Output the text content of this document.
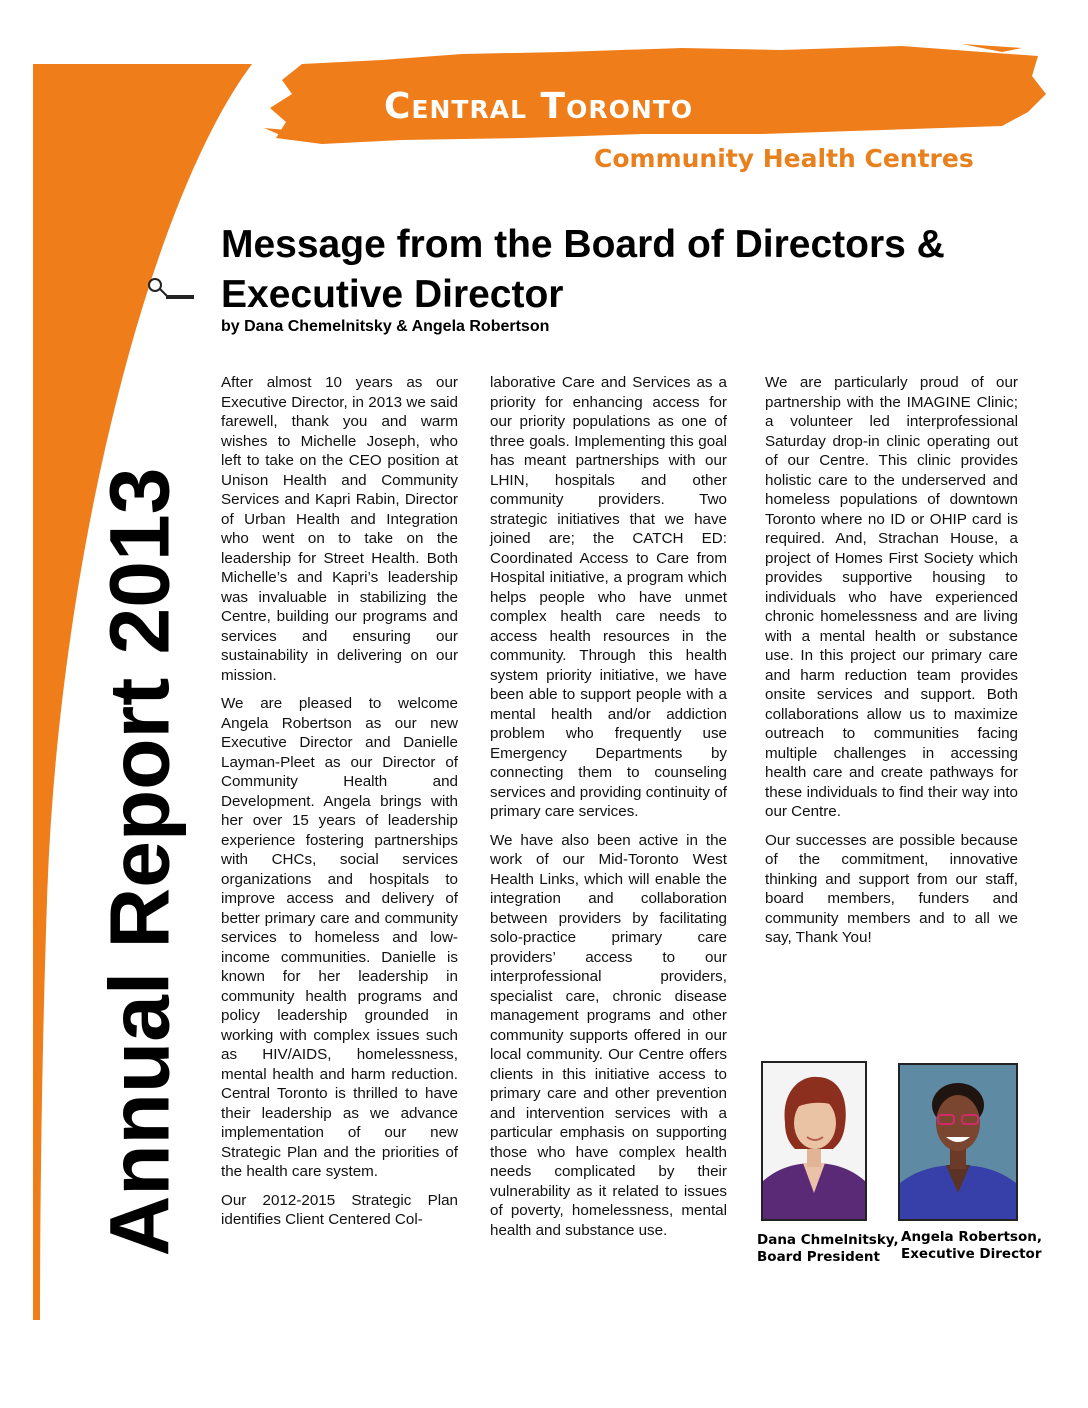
Annual Report 2013
Central Toronto
Community Health Centres
Message from the Board of Directors & Executive Director
by Dana Chemelnitsky & Angela Robertson

After almost 10 years as our Executive Director, in 2013 we said farewell, thank you and warm wishes to Michelle Joseph, who left to take on the CEO position at Unison Health and Community Services and Kapri Rabin, Director of Urban Health and Integration who went on to take on the leadership for Street Health. Both Michelle’s and Kapri’s leadership was invaluable in stabilizing the Centre, building our programs and services and ensuring our sustainability in delivering on our mission.

We are pleased to welcome Angela Robertson as our new Executive Director and Danielle Layman-Pleet as our Director of Community Health and Development. Angela brings with her over 15 years of leadership experience fostering partnerships with CHCs, social services organizations and hospitals to improve access and delivery of better primary care and community services to homeless and low-income communities. Danielle is known for her leadership in community health programs and policy leadership grounded in working with complex issues such as HIV/AIDS, homelessness, mental health and harm reduction. Central Toronto is thrilled to have their leadership as we advance implementation of our new Strategic Plan and the priorities of the health care system.

Our 2012-2015 Strategic Plan identifies Client Centered Col-

laborative Care and Services as a priority for enhancing access for our priority populations as one of three goals. Implementing this goal has meant partnerships with our LHIN, hospitals and other community providers. Two strategic initiatives that we have joined are; the CATCH ED: Coordinated Access to Care from Hospital initiative, a program which helps people who have unmet complex health care needs to access health resources in the community. Through this health system priority initiative, we have been able to support people with a mental health and/or addiction problem who frequently use Emergency Departments by connecting them to counseling services and providing continuity of primary care services.

We have also been active in the work of our Mid-Toronto West Health Links, which will enable the integration and collaboration between providers by facilitating solo-practice primary care providers’ access to our interprofessional providers, specialist care, chronic disease management programs and other community supports offered in our local community. Our Centre offers clients in this initiative access to primary care and other prevention and intervention services with a particular emphasis on supporting those who have complex health needs complicated by their vulnerability as it related to issues of poverty, homelessness, mental health and substance use.

We are particularly proud of our partnership with the IMAGINE Clinic; a volunteer led interprofessional Saturday drop-in clinic operating out of our Centre. This clinic provides holistic care to the underserved and homeless populations of downtown Toronto where no ID or OHIP card is required. And, Strachan House, a project of Homes First Society which provides supportive housing to individuals who have experienced chronic homelessness and are living with a mental health or substance use. In this project our primary care and harm reduction team provides onsite services and support. Both collaborations allow us to maximize outreach to communities facing multiple challenges in accessing health care and create pathways for these individuals to find their way into our Centre.

Our successes are possible because of the commitment, innovative thinking and support from our staff, board members, funders and community members and to all we say, Thank You!

Dana Chmelnitsky,
Board President
Angela Robertson,
Executive Director
